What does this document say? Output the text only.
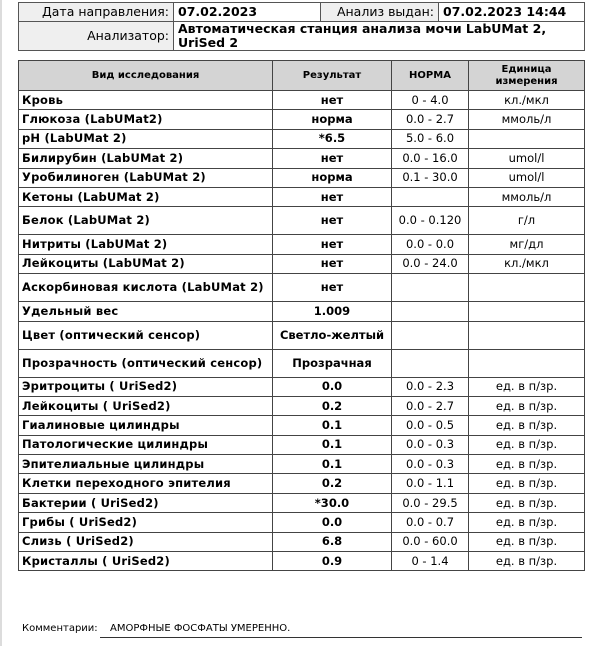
Дата направления:	07.02.2023	Анализ выдан:	07.02.2023 14:44
Анализатор:	Автоматическая станция анализа мочи LabUMat 2, UriSed 2		
Вид исследования	Результат	НОРМА	Единица измерения
Кровь	нет	0 - 4.0	кл./мкл
Глюкоза (LabUMat2)	норма	0.0 - 2.7	ммоль/л
pH (LabUMat 2)	*6.5	5.0 - 6.0	
Билирубин (LabUMat 2)	нет	0.0 - 16.0	umol/l
Уробилиноген (LabUMat 2)	норма	0.1 - 30.0	umol/l
Кетоны (LabUMat 2)	нет		ммоль/л
Белок (LabUMat 2)	нет	0.0 - 0.120	г/л
Нитриты (LabUMat 2)	нет	0.0 - 0.0	мг/дл
Лейкоциты (LabUMat 2)	нет	0.0 - 24.0	кл./мкл
Аскорбиновая кислота (LabUMat 2)	нет		
Удельный вес	1.009		
Цвет (оптический сенсор)	Светло-желтый		
Прозрачность (оптический сенсор)	Прозрачная		
Эритроциты ( UriSed2)	0.0	0.0 - 2.3	ед. в п/зр.
Лейкоциты ( UriSed2)	0.2	0.0 - 2.7	ед. в п/зр.
Гиалиновые цилиндры	0.1	0.0 - 0.5	ед. в п/зр.
Патологические цилиндры	0.1	0.0 - 0.3	ед. в п/зр.
Эпителиальные цилиндры	0.1	0.0 - 0.3	ед. в п/зр.
Клетки переходного эпителия	0.2	0.0 - 1.1	ед. в п/зр.
Бактерии ( UriSed2)	*30.0	0.0 - 29.5	ед. в п/зр.
Грибы ( UriSed2)	0.0	0.0 - 0.7	ед. в п/зр.
Слизь ( UriSed2)	6.8	0.0 - 60.0	ед. в п/зр.
Кристаллы ( UriSed2)	0.9	0 - 1.4	ед. в п/зр.
Комментарии: АМОРФНЫЕ ФОСФАТЫ УМЕРЕННО.
